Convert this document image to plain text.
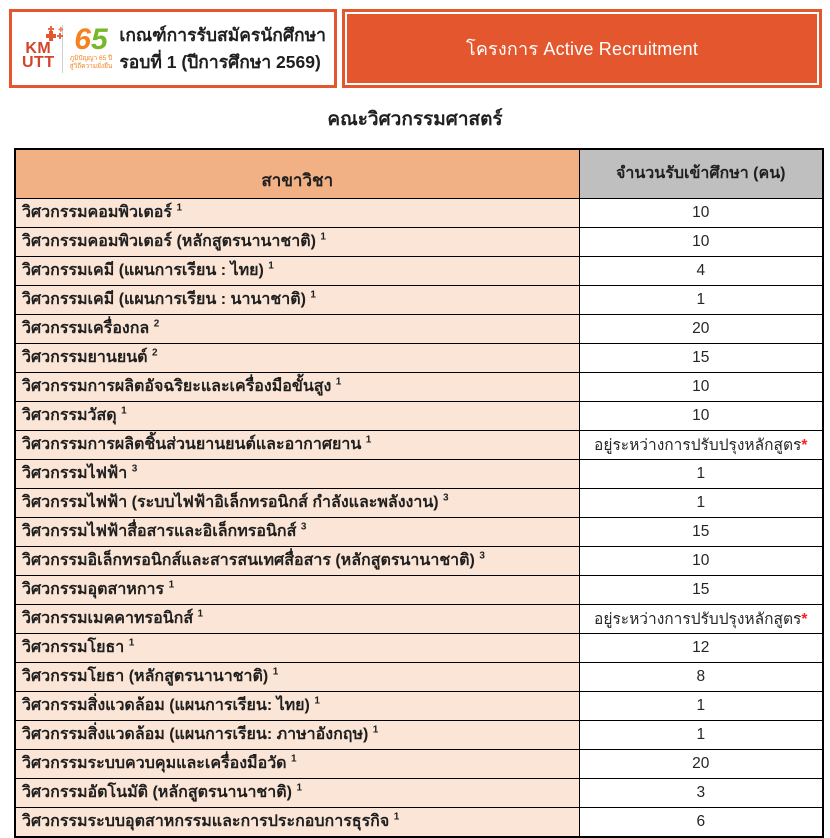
KM
UTT
65
ภูมิปัญญา 65 ปี
สู่วิถีความยั่งยืน
เกณฑ์การรับสมัครนักศึกษา
รอบที่ 1 (ปีการศึกษา 2569)
โครงการ Active Recruitment
คณะวิศวกรรมศาสตร์
สาขาวิชา	จำนวนรับเข้าศึกษา (คน)
วิศวกรรมคอมพิวเตอร์ $^1$	10
วิศวกรรมคอมพิวเตอร์ (หลักสูตรนานาชาติ) $^1$	10
วิศวกรรมเคมี (แผนการเรียน : ไทย) $^1$	4
วิศวกรรมเคมี (แผนการเรียน : นานาชาติ) $^1$	1
วิศวกรรมเครื่องกล $^2$	20
วิศวกรรมยานยนต์ $^2$	15
วิศวกรรมการผลิตอัจฉริยะและเครื่องมือขั้นสูง $^1$	10
วิศวกรรมวัสดุ $^1$	10
วิศวกรรมการผลิตชิ้นส่วนยานยนต์และอากาศยาน $^1$	อยู่ระหว่างการปรับปรุงหลักสูตร*
วิศวกรรมไฟฟ้า $^3$	1
วิศวกรรมไฟฟ้า (ระบบไฟฟ้าอิเล็กทรอนิกส์ กำลังและพลังงาน) $^3$	1
วิศวกรรมไฟฟ้าสื่อสารและอิเล็กทรอนิกส์ $^3$	15
วิศวกรรมอิเล็กทรอนิกส์และสารสนเทศสื่อสาร (หลักสูตรนานาชาติ) $^3$	10
วิศวกรรมอุตสาหการ $^1$	15
วิศวกรรมเมคคาทรอนิกส์ $^1$	อยู่ระหว่างการปรับปรุงหลักสูตร*
วิศวกรรมโยธา $^1$	12
วิศวกรรมโยธา (หลักสูตรนานาชาติ) $^1$	8
วิศวกรรมสิ่งแวดล้อม (แผนการเรียน: ไทย) $^1$	1
วิศวกรรมสิ่งแวดล้อม (แผนการเรียน: ภาษาอังกฤษ) $^1$	1
วิศวกรรมระบบควบคุมและเครื่องมือวัด $^1$	20
วิศวกรรมอัตโนมัติ (หลักสูตรนานาชาติ) $^1$	3
วิศวกรรมระบบอุตสาหกรรมและการประกอบการธุรกิจ $^1$	6
